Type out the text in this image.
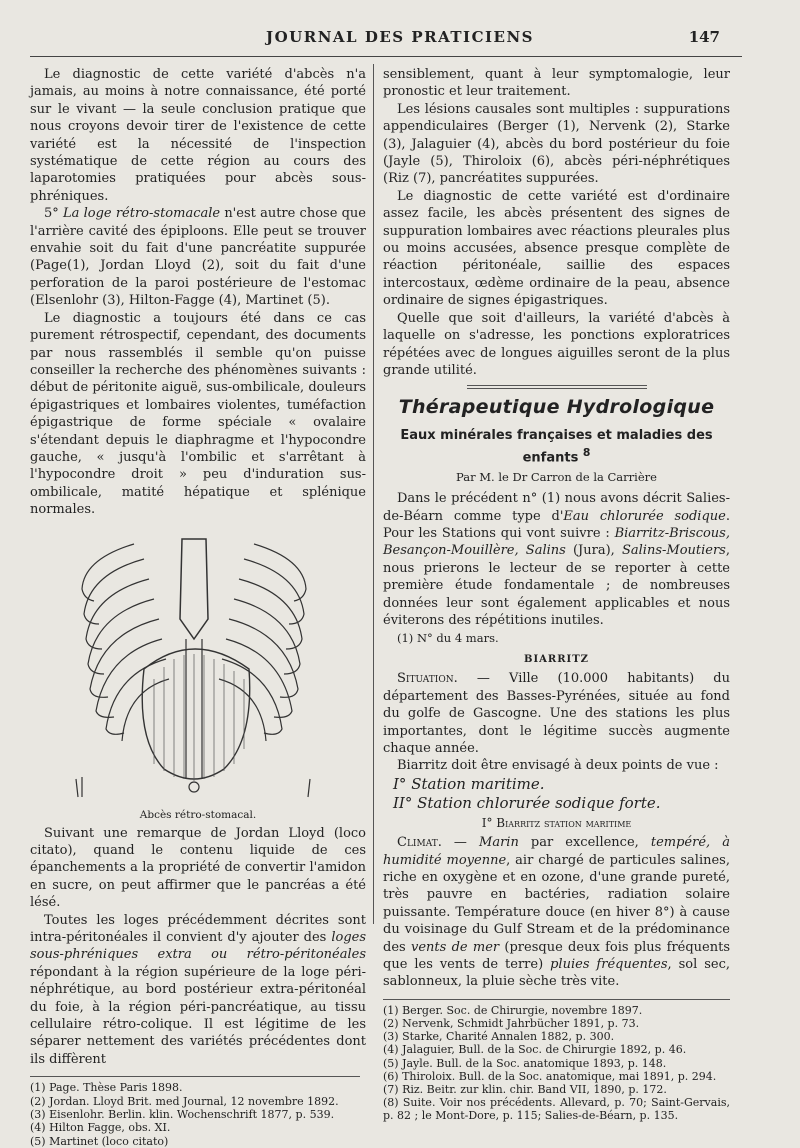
JOURNAL DES PRATICIENS	147

Le diagnostic de cette variété d'abcès n'a jamais, au moins à notre connaissance, été porté sur le vivant — la seule conclusion pratique que nous croyons devoir tirer de l'existence de cette variété est la nécessité de l'inspection systématique de cette région au cours des laparotomies pratiquées pour abcès sous-phréniques.

5° La loge rétro-stomacale n'est autre chose que l'arrière cavité des épiploons. Elle peut se trouver envahie soit du fait d'une pancréatite suppurée (Page(1), Jordan Lloyd (2), soit du fait d'une perforation de la paroi postérieure de l'estomac (Elsenlohr (3), Hilton-Fagge (4), Martinet (5).

Le diagnostic a toujours été dans ce cas purement rétrospectif, cependant, des documents par nous rassemblés il semble qu'on puisse conseiller la recherche des phénomènes suivants : début de péritonite aiguë, sus-ombilicale, douleurs épigastriques et lombaires violentes, tuméfaction épigastrique de forme spéciale « ovalaire s'étendant depuis le diaphragme et l'hypocondre gauche, « jusqu'à l'ombilic et s'arrêtant à l'hypocondre droit » peu d'induration sus-ombilicale, matité hépatique et splénique normales.

Abcès rétro-stomacal.

Suivant une remarque de Jordan Lloyd (loco citato), quand le contenu liquide de ces épanchements a la propriété de convertir l'amidon en sucre, on peut affirmer que le pancréas a été lésé.

Toutes les loges précédemment décrites sont intra-péritonéales il convient d'y ajouter des loges sous-phréniques extra ou rétro-péritonéales répondant à la région supérieure de la loge péri-néphrétique, au bord postérieur extra-péritonéal du foie, à la région péri-pancréatique, au tissu cellulaire rétro-colique. Il est légitime de les séparer nettement des variétés précédentes dont ils diffèrent

(1) Page. Thèse Paris 1898.
(2) Jordan. Lloyd Brit. med Journal, 12 novembre 1892.
(3) Eisenlohr. Berlin. klin. Wochenschrift 1877, p. 539.
(4) Hilton Fagge, obs. XI.
(5) Martinet (loco citato)

sensiblement, quant à leur symptomalogie, leur pronostic et leur traitement.

Les lésions causales sont multiples : suppurations appendiculaires (Berger (1), Nervenk (2), Starke (3), Jalaguier (4), abcès du bord postérieur du foie (Jayle (5), Thiroloix (6), abcès péri-néphrétiques (Riz (7), pancréatites suppurées.

Le diagnostic de cette variété est d'ordinaire assez facile, les abcès présentent des signes de suppuration lombaires avec réactions pleurales plus ou moins accusées, absence presque complète de réaction péritonéale, saillie des espaces intercostaux, œdème ordinaire de la peau, absence ordinaire de signes épigastriques.

Quelle que soit d'ailleurs, la variété d'abcès à laquelle on s'adresse, les ponctions exploratrices répétées avec de longues aiguilles seront de la plus grande utilité.

Thérapeutique Hydrologique
Eaux minérales françaises et maladies des enfants $^8$
Par M. le Dr Carron de la Carrière

Dans le précédent n° (1) nous avons décrit Salies-de-Béarn comme type d'Eau chlorurée sodique. Pour les Stations qui vont suivre : Biarritz-Briscous, Besançon-Mouillère, Salins (Jura), Salins-Moutiers, nous prierons le lecteur de se reporter à cette première étude fondamentale ; de nombreuses données leur sont également applicables et nous éviterons des répétitions inutiles.

(1) N° du 4 mars.

BIARRITZ

Situation. — Ville (10.000 habitants) du département des Basses-Pyrénées, située au fond du golfe de Gascogne. Une des stations les plus importantes, dont le légitime succès augmente chaque année.

Biarritz doit être envisagé à deux points de vue :

I° Station maritime.

II° Station chlorurée sodique forte.

I° Biarritz station maritime

Climat. — Marin par excellence, tempéré, à humidité moyenne, air chargé de particules salines, riche en oxygène et en ozone, d'une grande pureté, très pauvre en bactéries, radiation solaire puissante. Température douce (en hiver 8°) à cause du voisinage du Gulf Stream et de la prédominance des vents de mer (presque deux fois plus fréquents que les vents de terre) pluies fréquentes, sol sec, sablonneux, la pluie sèche très vite.

(1) Berger. Soc. de Chirurgie, novembre 1897.
(2) Nervenk, Schmidt Jahrbücher 1891, p. 73.
(3) Starke, Charité Annalen 1882, p. 300.
(4) Jalaguier, Bull. de la Soc. de Chirurgie 1892, p. 46.
(5) Jayle. Bull. de la Soc. anatomique 1893, p. 148.
(6) Thiroloix. Bull. de la Soc. anatomique, mai 1891, p. 294.
(7) Riz. Beitr. zur klin. chir. Band VII, 1890, p. 172.
(8) Suite. Voir nos précédents. Allevard, p. 70; Saint-Gervais, p. 82 ; le Mont-Dore, p. 115; Salies-de-Béarn, p. 135.
